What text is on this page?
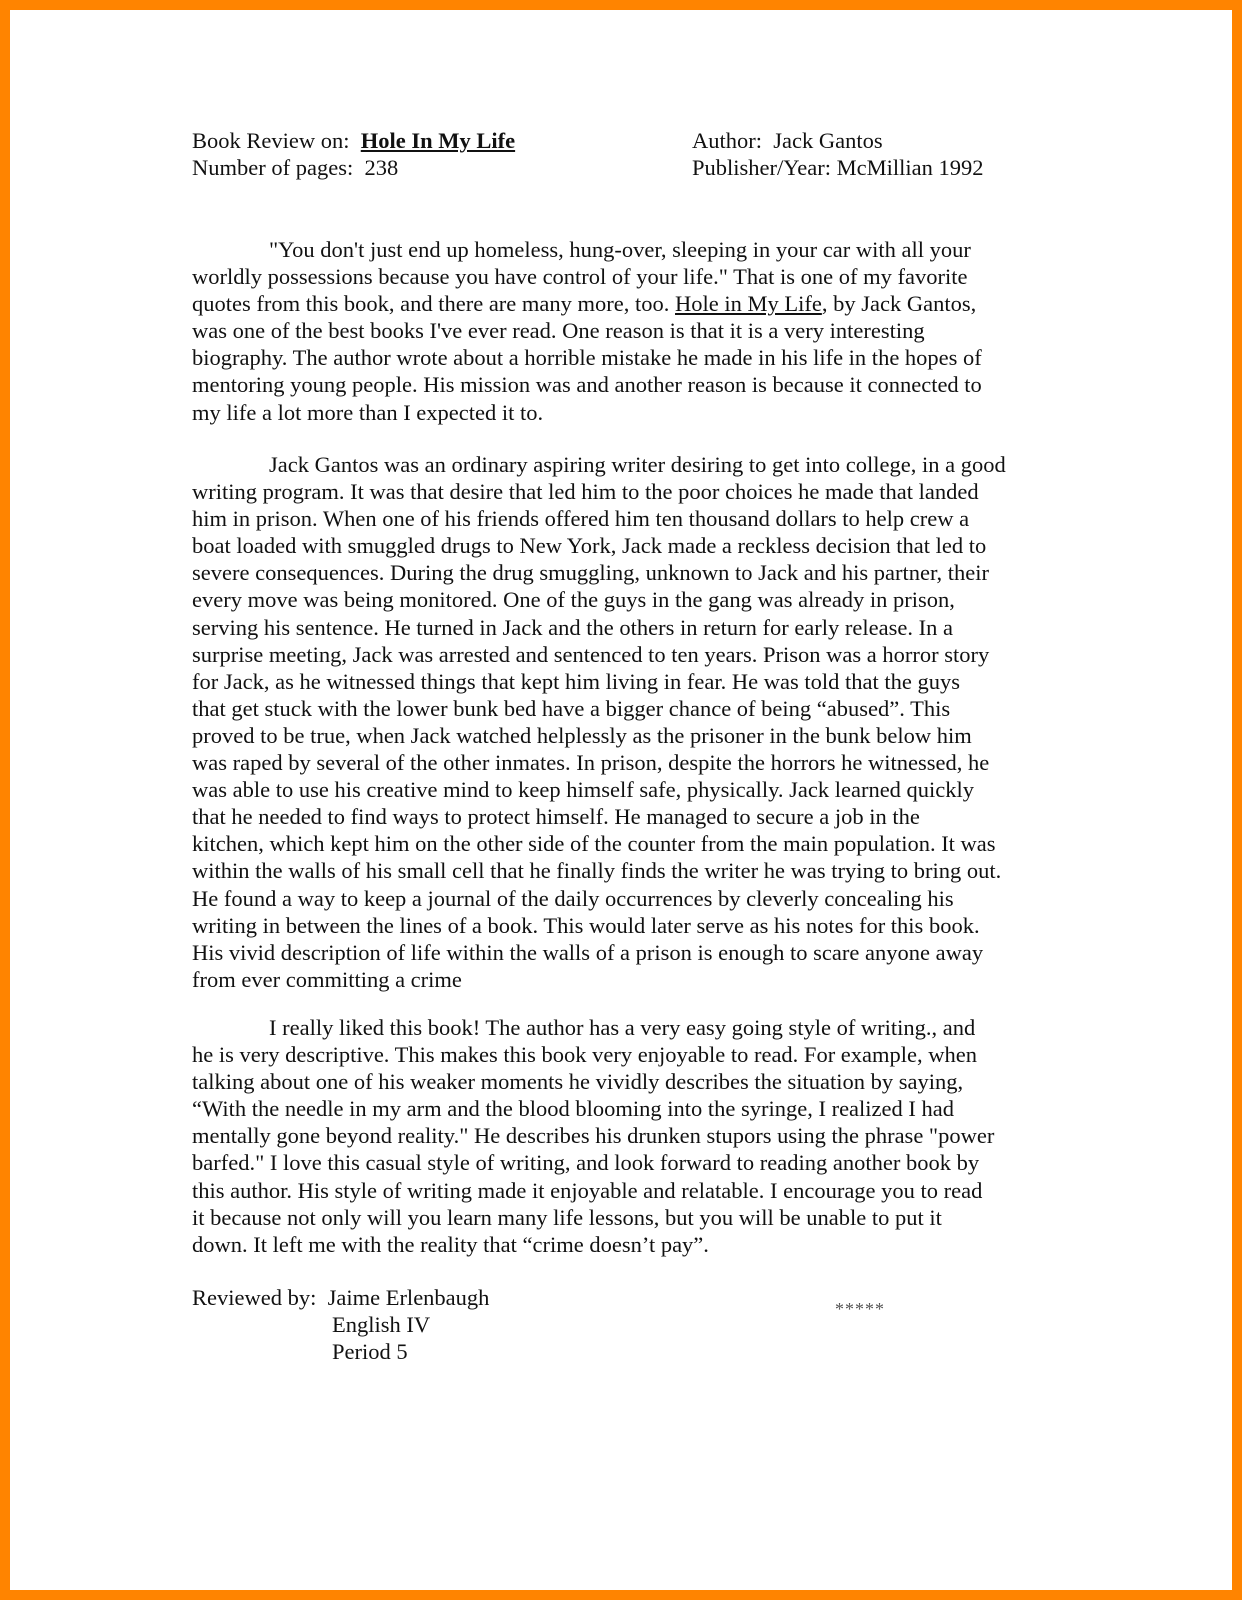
Book Review on: Hole In My Life
Number of pages: 238
Author: Jack Gantos
Publisher/Year: McMillian 1992
"You don't just end up homeless, hung-over, sleeping in your car with all your
worldly possessions because you have control of your life." That is one of my favorite
quotes from this book, and there are many more, too. Hole in My Life, by Jack Gantos,
was one of the best books I've ever read. One reason is that it is a very interesting
biography. The author wrote about a horrible mistake he made in his life in the hopes of
mentoring young people. His mission was and another reason is because it connected to
my life a lot more than I expected it to.
Jack Gantos was an ordinary aspiring writer desiring to get into college, in a good
writing program. It was that desire that led him to the poor choices he made that landed
him in prison. When one of his friends offered him ten thousand dollars to help crew a
boat loaded with smuggled drugs to New York, Jack made a reckless decision that led to
severe consequences. During the drug smuggling, unknown to Jack and his partner, their
every move was being monitored. One of the guys in the gang was already in prison,
serving his sentence. He turned in Jack and the others in return for early release. In a
surprise meeting, Jack was arrested and sentenced to ten years. Prison was a horror story
for Jack, as he witnessed things that kept him living in fear. He was told that the guys
that get stuck with the lower bunk bed have a bigger chance of being “abused”. This
proved to be true, when Jack watched helplessly as the prisoner in the bunk below him
was raped by several of the other inmates. In prison, despite the horrors he witnessed, he
was able to use his creative mind to keep himself safe, physically. Jack learned quickly
that he needed to find ways to protect himself. He managed to secure a job in the
kitchen, which kept him on the other side of the counter from the main population. It was
within the walls of his small cell that he finally finds the writer he was trying to bring out.
He found a way to keep a journal of the daily occurrences by cleverly concealing his
writing in between the lines of a book. This would later serve as his notes for this book.
His vivid description of life within the walls of a prison is enough to scare anyone away
from ever committing a crime
I really liked this book! The author has a very easy going style of writing., and
he is very descriptive. This makes this book very enjoyable to read. For example, when
talking about one of his weaker moments he vividly describes the situation by saying,
“With the needle in my arm and the blood blooming into the syringe, I realized I had
mentally gone beyond reality." He describes his drunken stupors using the phrase "power
barfed." I love this casual style of writing, and look forward to reading another book by
this author. His style of writing made it enjoyable and relatable. I encourage you to read
it because not only will you learn many life lessons, but you will be unable to put it
down. It left me with the reality that “crime doesn’t pay”.
Reviewed by: Jaime Erlenbaugh
English IV
Period 5
*****
